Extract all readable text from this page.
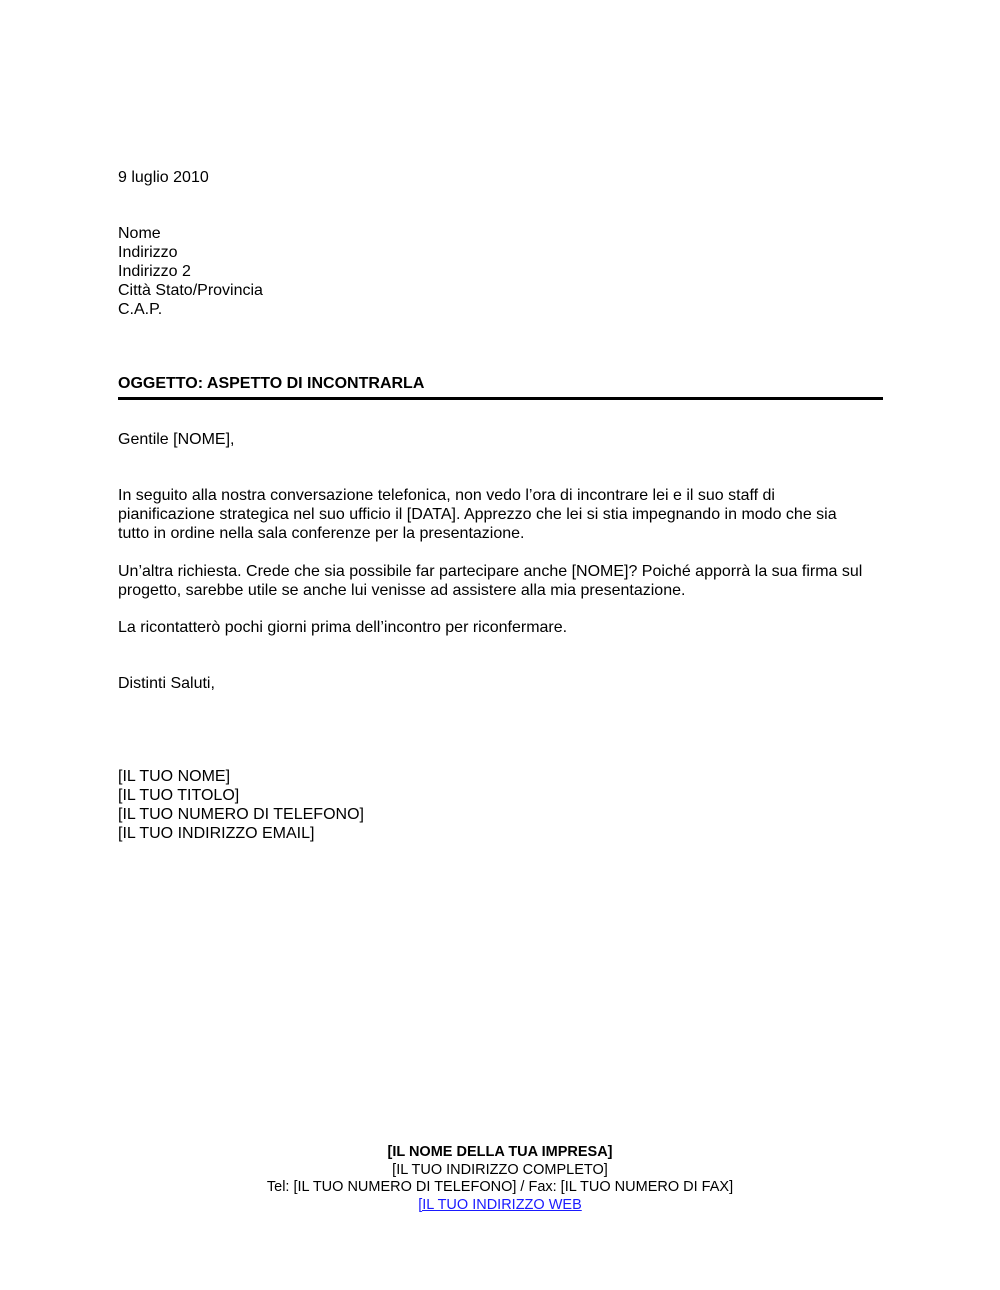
9 luglio 2010
Nome
Indirizzo
Indirizzo 2
Città Stato/Provincia
C.A.P.
OGGETTO: ASPETTO DI INCONTRARLA
Gentile [NOME],
In seguito alla nostra conversazione telefonica, non vedo l’ora di incontrare lei e il suo staff di
pianificazione strategica nel suo ufficio il [DATA]. Apprezzo che lei si stia impegnando in modo che sia
tutto in ordine nella sala conferenze per la presentazione.
Un’altra richiesta. Crede che sia possibile far partecipare anche [NOME]? Poiché apporrà la sua firma sul
progetto, sarebbe utile se anche lui venisse ad assistere alla mia presentazione.
La ricontatterò pochi giorni prima dell’incontro per riconfermare.
Distinti Saluti,
[IL TUO NOME]
[IL TUO TITOLO]
[IL TUO NUMERO DI TELEFONO]
[IL TUO INDIRIZZO EMAIL]
[IL NOME DELLA TUA IMPRESA]
[IL TUO INDIRIZZO COMPLETO]
Tel: [IL TUO NUMERO DI TELEFONO] / Fax: [IL TUO NUMERO DI FAX]
[IL TUO INDIRIZZO WEB
